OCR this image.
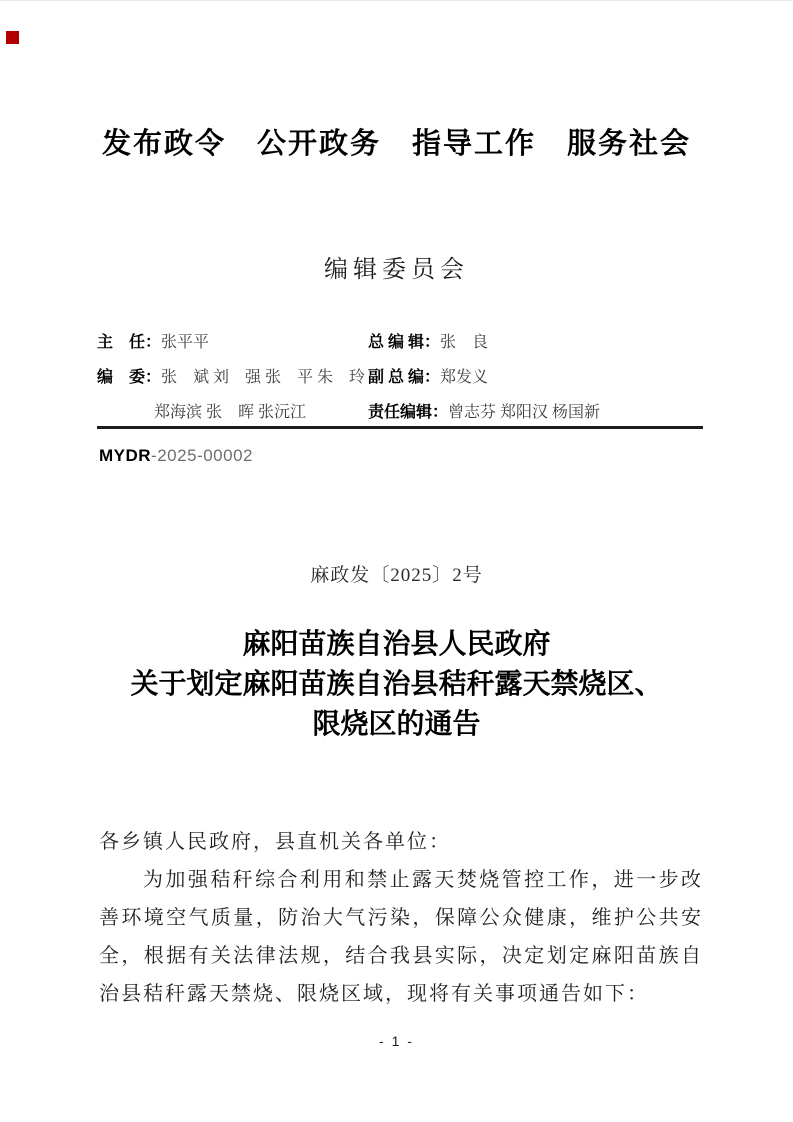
发布政令　公开政务　指导工作　服务社会
编辑委员会
主　任：张平平	总 编 辑：张　良
编　委：张　斌 刘　强 张　平 朱　玲 副 总 编：郑发义
郑海滨 张　晖 张沅江	责任编辑：曾志芬 郑阳汉 杨国新
MYDR-2025-00002
麻政发〔2025〕2号
麻阳苗族自治县人民政府
关于划定麻阳苗族自治县秸秆露天禁烧区、
限烧区的通告
各乡镇人民政府，县直机关各单位：
为加强秸秆综合利用和禁止露天焚烧管控工作，进一步改善环境空气质量，防治大气污染，保障公众健康，维护公共安全，根据有关法律法规，结合我县实际，决定划定麻阳苗族自治县秸秆露天禁烧、限烧区域，现将有关事项通告如下：
- 1 -
